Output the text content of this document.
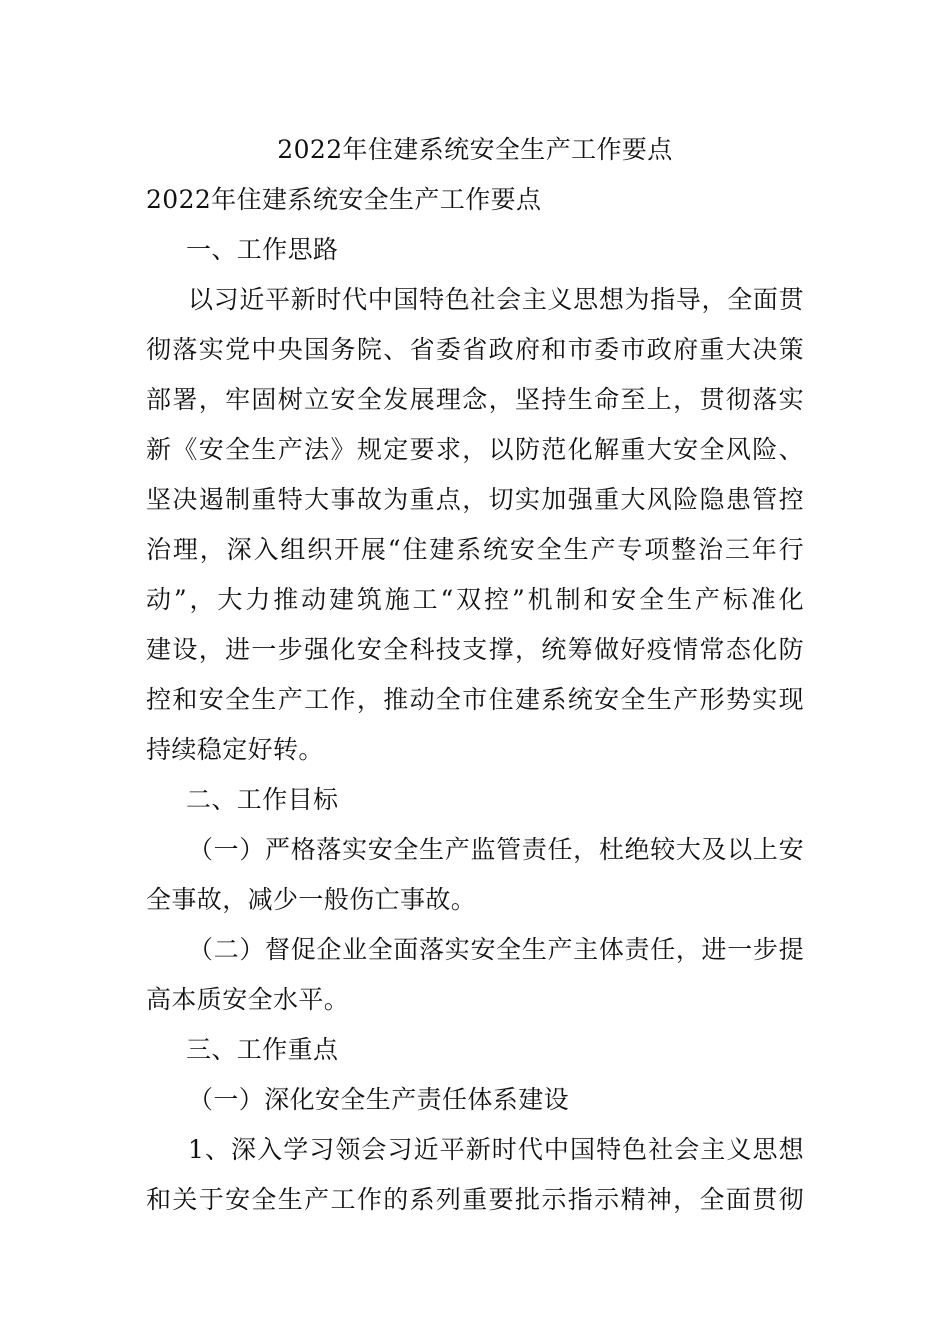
2022年住建系统安全生产工作要点
2022年住建系统安全生产工作要点
一、工作思路
以习近平新时代中国特色社会主义思想为指导，全面贯
彻落实党中央国务院、省委省政府和市委市政府重大决策
部署，牢固树立安全发展理念，坚持生命至上，贯彻落实
新《安全生产法》规定要求，以防范化解重大安全风险、
坚决遏制重特大事故为重点，切实加强重大风险隐患管控
治理，深入组织开展“住建系统安全生产专项整治三年行
动”，大力推动建筑施工“双控”机制和安全生产标准化
建设，进一步强化安全科技支撑，统筹做好疫情常态化防
控和安全生产工作，推动全市住建系统安全生产形势实现
持续稳定好转。
二、工作目标
（一）严格落实安全生产监管责任，杜绝较大及以上安
全事故，减少一般伤亡事故。
（二）督促企业全面落实安全生产主体责任，进一步提
高本质安全水平。
三、工作重点
（一）深化安全生产责任体系建设
1、深入学习领会习近平新时代中国特色社会主义思想
和关于安全生产工作的系列重要批示指示精神，全面贯彻
